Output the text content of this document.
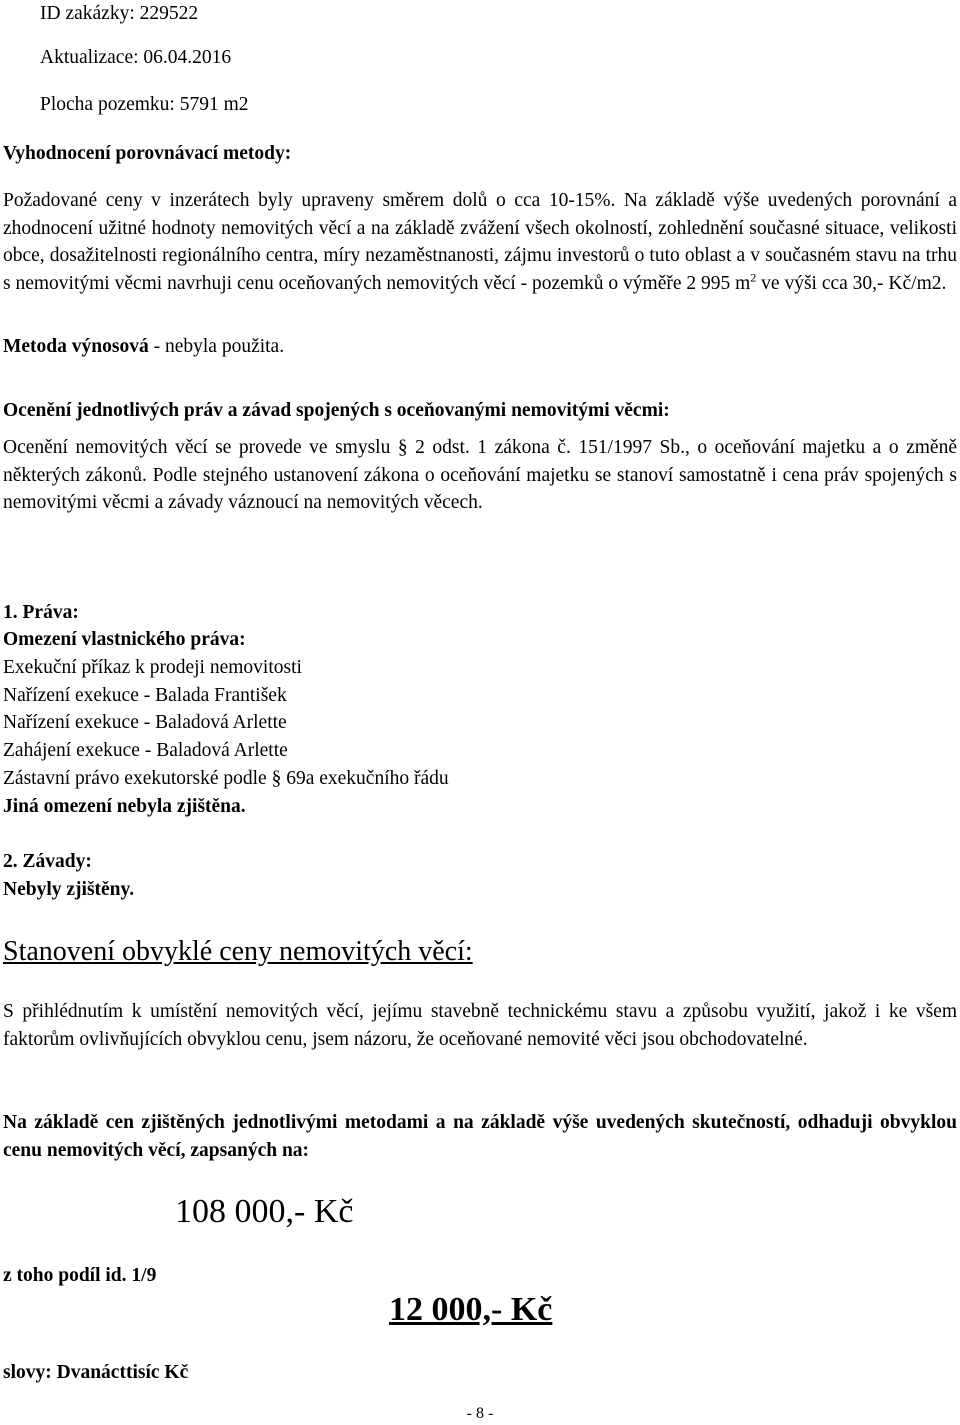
ID zakázky: 229522

Aktualizace: 06.04.2016

Plocha pozemku: 5791 m2

Vyhodnocení porovnávací metody:

Požadované ceny v inzerátech byly upraveny směrem dolů o cca 10-15%. Na základě výše uvedených porovnání a zhodnocení užitné hodnoty nemovitých věcí a na základě zvážení všech okolností, zohlednění současné situace, velikosti obce, dosažitelnosti regionálního centra, míry nezaměstnanosti, zájmu investorů o tuto oblast a v současném stavu na trhu s nemovitými věcmi navrhuji cenu oceňovaných nemovitých věcí - pozemků o výměře 2 995 $m^2$ ve výši cca 30,- Kč/m2.

Metoda výnosová - nebyla použita.

Ocenění jednotlivých práv a závad spojených s oceňovanými nemovitými věcmi:

Ocenění nemovitých věcí se provede ve smyslu § 2 odst. 1 zákona č. 151/1997 Sb., o oceňování majetku a o změně některých zákonů. Podle stejného ustanovení zákona o oceňování majetku se stanoví samostatně i cena práv spojených s nemovitými věcmi a závady váznoucí na nemovitých věcech.

1. Práva:

Omezení vlastnického práva:

Exekuční příkaz k prodeji nemovitosti

Nařízení exekuce - Balada František

Nařízení exekuce - Baladová Arlette

Zahájení exekuce - Baladová Arlette

Zástavní právo exekutorské podle § 69a exekučního řádu

Jiná omezení nebyla zjištěna.

2. Závady:

Nebyly zjištěny.

Stanovení obvyklé ceny nemovitých věcí:

S přihlédnutím k umístění nemovitých věcí, jejímu stavebně technickému stavu a způsobu využití, jakož i ke všem faktorům ovlivňujících obvyklou cenu, jsem názoru, že oceňované nemovité věci jsou obchodovatelné.

Na základě cen zjištěných jednotlivými metodami a na základě výše uvedených skutečností, odhaduji obvyklou cenu nemovitých věcí, zapsaných na:

108 000,- Kč

z toho podíl id. 1/9

12 000,- Kč

slovy: Dvanácttisíc Kč

- 8 -
